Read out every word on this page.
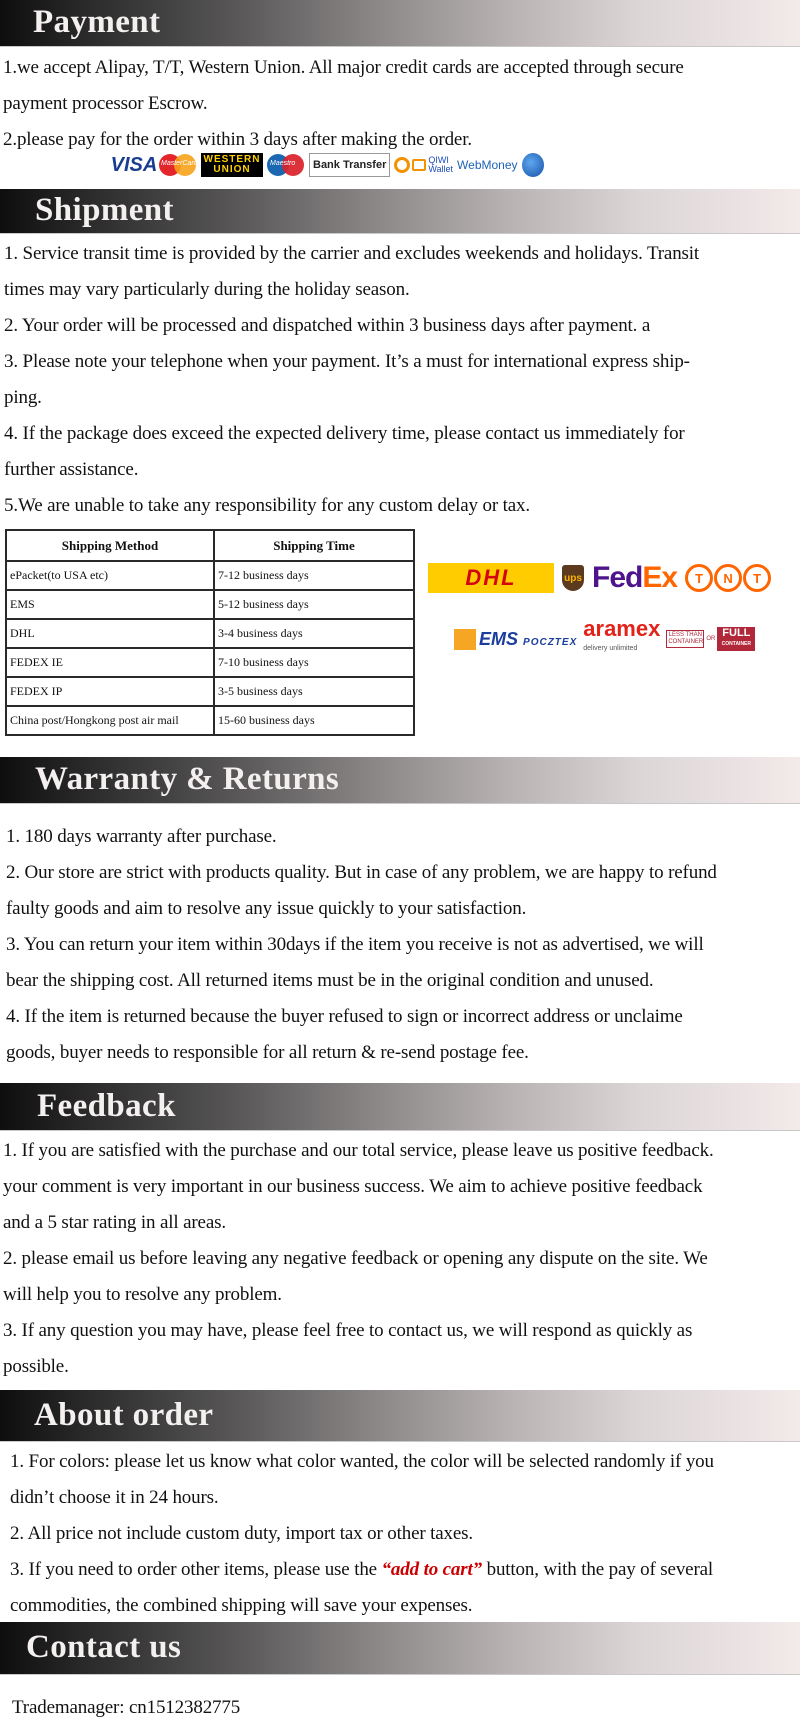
Payment

1.we accept Alipay, T/T, Western Union. All major credit cards are accepted through secure

payment processor Escrow.

2.please pay for the order within 3 days after making the order.

VISA MasterCard WESTERN
UNION
Maestro	Bank Transfer	QIWI
Wallet WebMoney
Shipment

1. Service transit time is provided by the carrier and excludes weekends and holidays. Transit

times may vary particularly during the holiday season.

2. Your order will be processed and dispatched within 3 business days after payment. a

3. Please note your telephone when your payment. It’s a must for international express ship-

ping.

4. If the package does exceed the expected delivery time, please contact us immediately for

further assistance.

5.We are unable to take any responsibility for any custom delay or tax.

Shipping Method	Shipping Time
ePacket(to USA etc)	7-12 business days
EMS	5-12 business days
DHL	3-4 business days
FEDEX IE	7-10 business days
FEDEX IP	3-5 business days
China post/Hongkong post air mail	15-60 business days
DHL	ups FedEx	T	N	T
EMS POCZTEX
aramex
delivery unlimited
LESS THAN CONTAINER OR FULL
CONTAINER
Warranty & Returns

1. 180 days warranty after purchase.

2. Our store are strict with products quality. But in case of any problem, we are happy to refund

faulty goods and aim to resolve any issue quickly to your satisfaction.

3. You can return your item within 30days if the item you receive is not as advertised, we will

bear the shipping cost. All returned items must be in the original condition and unused.

4. If the item is returned because the buyer refused to sign or incorrect address or unclaime

goods, buyer needs to responsible for all return & re-send postage fee.

Feedback

1. If you are satisfied with the purchase and our total service, please leave us positive feedback.

your comment is very important in our business success. We aim to achieve positive feedback

and a 5 star rating in all areas.

2. please email us before leaving any negative feedback or opening any dispute on the site. We

will help you to resolve any problem.

3. If any question you may have, please feel free to contact us, we will respond as quickly as

possible.

About order

1. For colors: please let us know what color wanted, the color will be selected randomly if you

didn’t choose it in 24 hours.

2. All price not include custom duty, import tax or other taxes.

3. If you need to order other items, please use the “add to cart” button, with the pay of several

commodities, the combined shipping will save your expenses.

Contact us

Trademanager: cn1512382775
